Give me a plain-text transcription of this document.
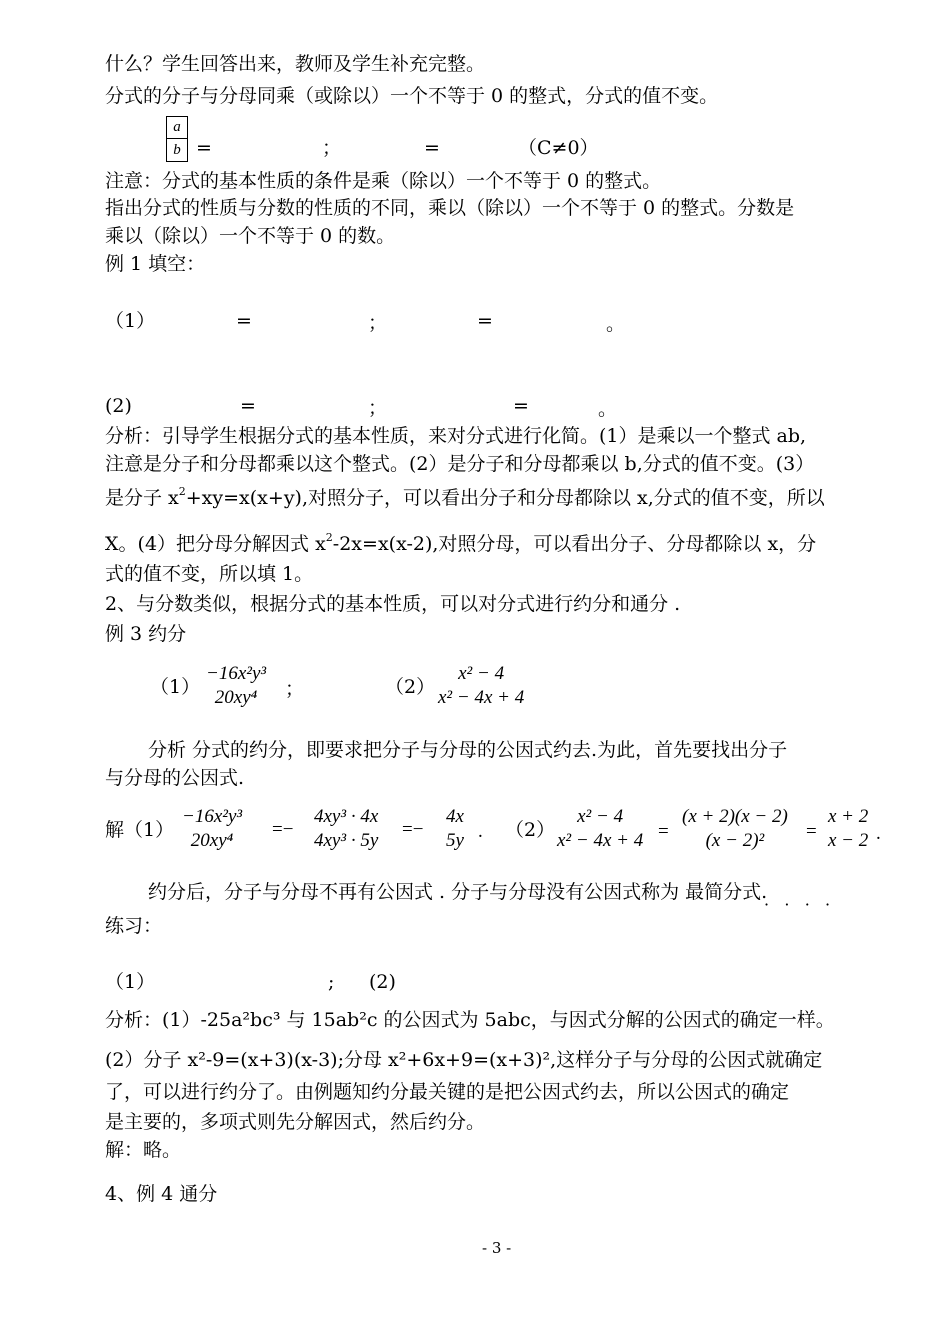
什么？学生回答出来，教师及学生补充完整。
分式的分子与分母同乘（或除以）一个不等于 0 的整式，分式的值不变。
$\frac{a}{b}$ =	；	=	（C≠0）
注意：分式的基本性质的条件是乘（除以）一个不等于 0 的整式。
指出分式的性质与分数的性质的不同，乘以（除以）一个不等于 0 的整式。分数是
乘以（除以）一个不等于 0 的数。
例 1 填空：
（1）	=	；	=	。
(2)	=	；	=	。
分析：引导学生根据分式的基本性质，来对分式进行化简。(1）是乘以一个整式 ab,
注意是分子和分母都乘以这个整式。(2）是分子和分母都乘以 b,分式的值不变。(3）
是分子 $x^2+xy=x(x+y)$,对照分子，可以看出分子和分母都除以 x,分式的值不变，所以
X。(4）把分母分解因式 $x^2-2x=x(x-2)$,对照分母，可以看出分子、分母都除以 x，分
式的值不变，所以填 1。
2、与分数类似，根据分式的基本性质，可以对分式进行约分和通分 .
例 3 约分
（1）
−16x²y³
20xy⁴ ；	（2）
x² − 4
x² − 4x + 4
分析 分式的约分，即要求把分子与分母的公因式约去.为此，首先要找出分子
与分母的公因式.
解（1）
−16x²y³
20xy⁴
=−
4xy³ · 4x
4xy³ · 5y
=−
4x
5y . （2）
x² − 4
x² − 4x + 4 =
(x + 2)(x − 2)
(x − 2)² =
x + 2
x − 2 .
约分后，分子与分母不再有公因式 . 分子与分母没有公因式称为 最简分式.
·   ·   ·   ·
练习：
（1）	; (2)
分析：(1）-25a²bc³ 与 15ab²c 的公因式为 5abc，与因式分解的公因式的确定一样。
(2）分子 x²-9=(x+3)(x-3);分母 x²+6x+9=(x+3)²,这样分子与分母的公因式就确定
了，可以进行约分了。由例题知约分最关键的是把公因式约去，所以公因式的确定
是主要的，多项式则先分解因式，然后约分。
解：略。
4、例 4 通分
- 3 -
